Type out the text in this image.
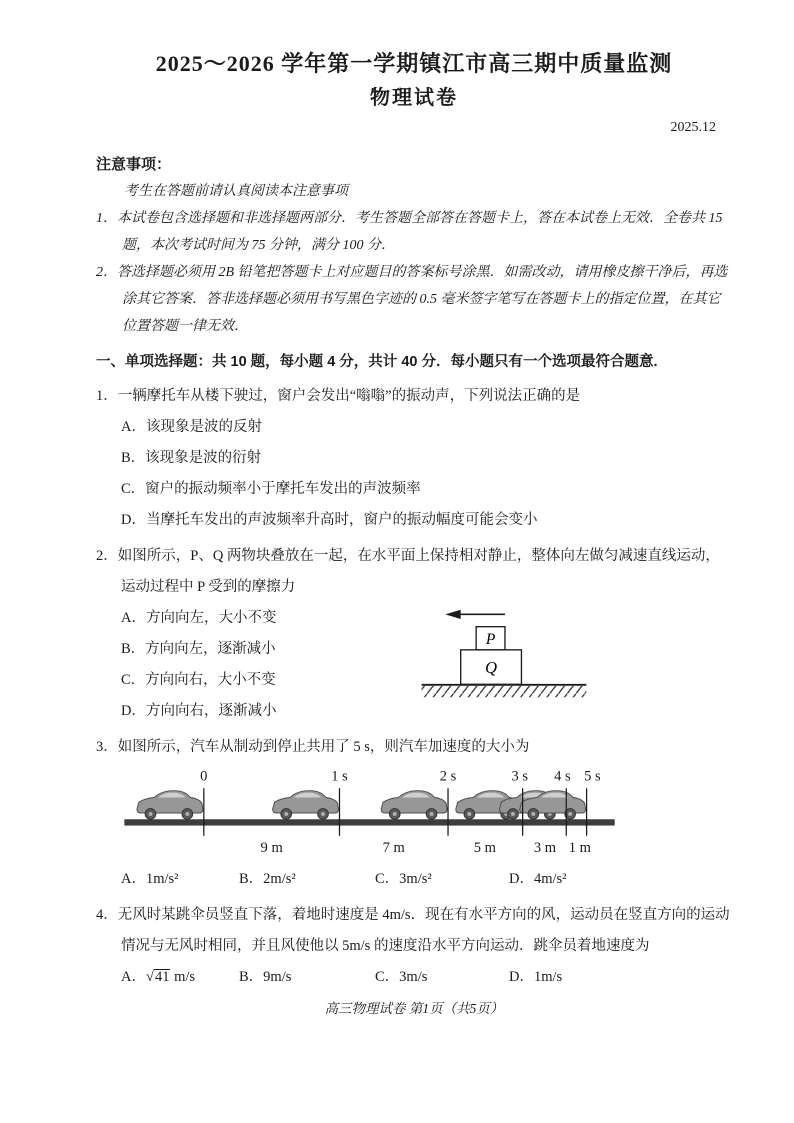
2025～2026 学年第一学期镇江市高三期中质量监测
物理试卷
2025.12
注意事项：
考生在答题前请认真阅读本注意事项
1．本试卷包含选择题和非选择题两部分．考生答题全部答在答题卡上，答在本试卷上无效．全卷共 15 题，本次考试时间为 75 分钟，满分 100 分．
2．答选择题必须用 2B 铅笔把答题卡上对应题目的答案标号涂黑．如需改动，请用橡皮擦干净后，再选涂其它答案．答非选择题必须用书写黑色字迹的 0.5 毫米签字笔写在答题卡上的指定位置，在其它位置答题一律无效．
一、单项选择题：共 10 题，每小题 4 分，共计 40 分．每小题只有一个选项最符合题意.
1．一辆摩托车从楼下驶过，窗户会发出“嗡嗡”的振动声，下列说法正确的是
A．该现象是波的反射
B．该现象是波的衍射
C．窗户的振动频率小于摩托车发出的声波频率
D．当摩托车发出的声波频率升高时，窗户的振动幅度可能会变小
2．如图所示，P、Q 两物块叠放在一起，在水平面上保持相对静止，整体向左做匀减速直线运动，运动过程中 P 受到的摩擦力
A．方向向左，大小不变
B．方向向左，逐渐减小
C．方向向右，大小不变
D．方向向右，逐渐减小
P
Q
3．如图所示，汽车从制动到停止共用了 5 s，则汽车加速度的大小为
0	1 s	2 s	3 s 4 s 5 s
9 m	7 m	5 m	3 m 1 m
A．1m/s²	B．2m/s²	C．3m/s²	D．4m/s²
4．无风时某跳伞员竖直下落，着地时速度是 4m/s．现在有水平方向的风，运动员在竖直方向的运动情况与无风时相同，并且风使他以 5m/s 的速度沿水平方向运动．跳伞员着地速度为
A．√41 m/s	B．9m/s	C．3m/s	D．1m/s
高三物理试卷 第1页（共5页）
